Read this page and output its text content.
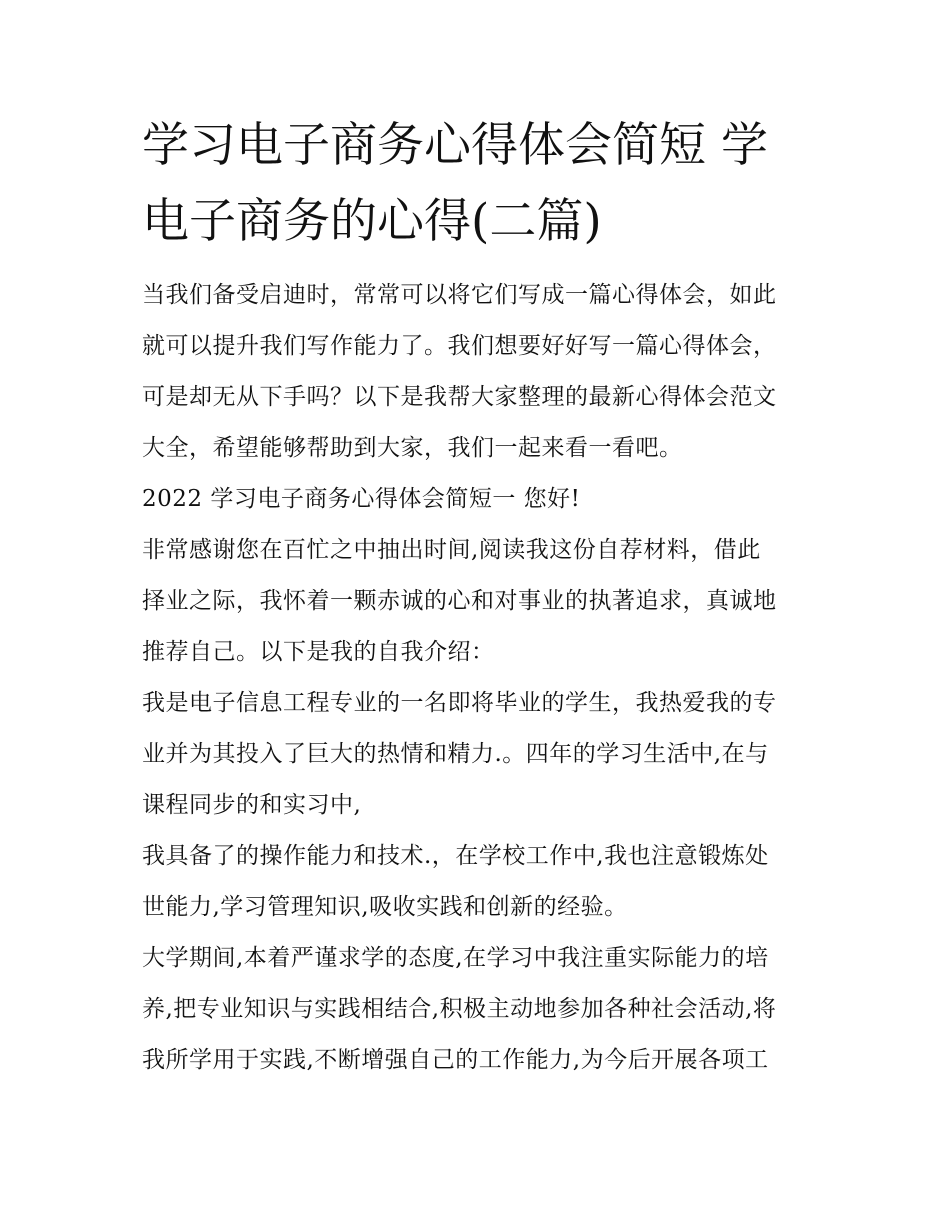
学习电子商务心得体会简短 学
电子商务的心得(二篇)

当我们备受启迪时，常常可以将它们写成一篇心得体会，如此
就可以提升我们写作能力了。我们想要好好写一篇心得体会，
可是却无从下手吗？以下是我帮大家整理的最新心得体会范文
大全，希望能够帮助到大家，我们一起来看一看吧。

2022 学习电子商务心得体会简短一 您好!

非常感谢您在百忙之中抽出时间,阅读我这份自荐材料，借此
择业之际，我怀着一颗赤诚的心和对事业的执著追求，真诚地
推荐自己。以下是我的自我介绍：

我是电子信息工程专业的一名即将毕业的学生，我热爱我的专
业并为其投入了巨大的热情和精力.。四年的学习生活中,在与
课程同步的和实习中,

我具备了的操作能力和技术.，在学校工作中,我也注意锻炼处
世能力,学习管理知识,吸收实践和创新的经验。

大学期间,本着严谨求学的态度,在学习中我注重实际能力的培
养,把专业知识与实践相结合,积极主动地参加各种社会活动,将
我所学用于实践,不断增强自己的工作能力,为今后开展各项工
